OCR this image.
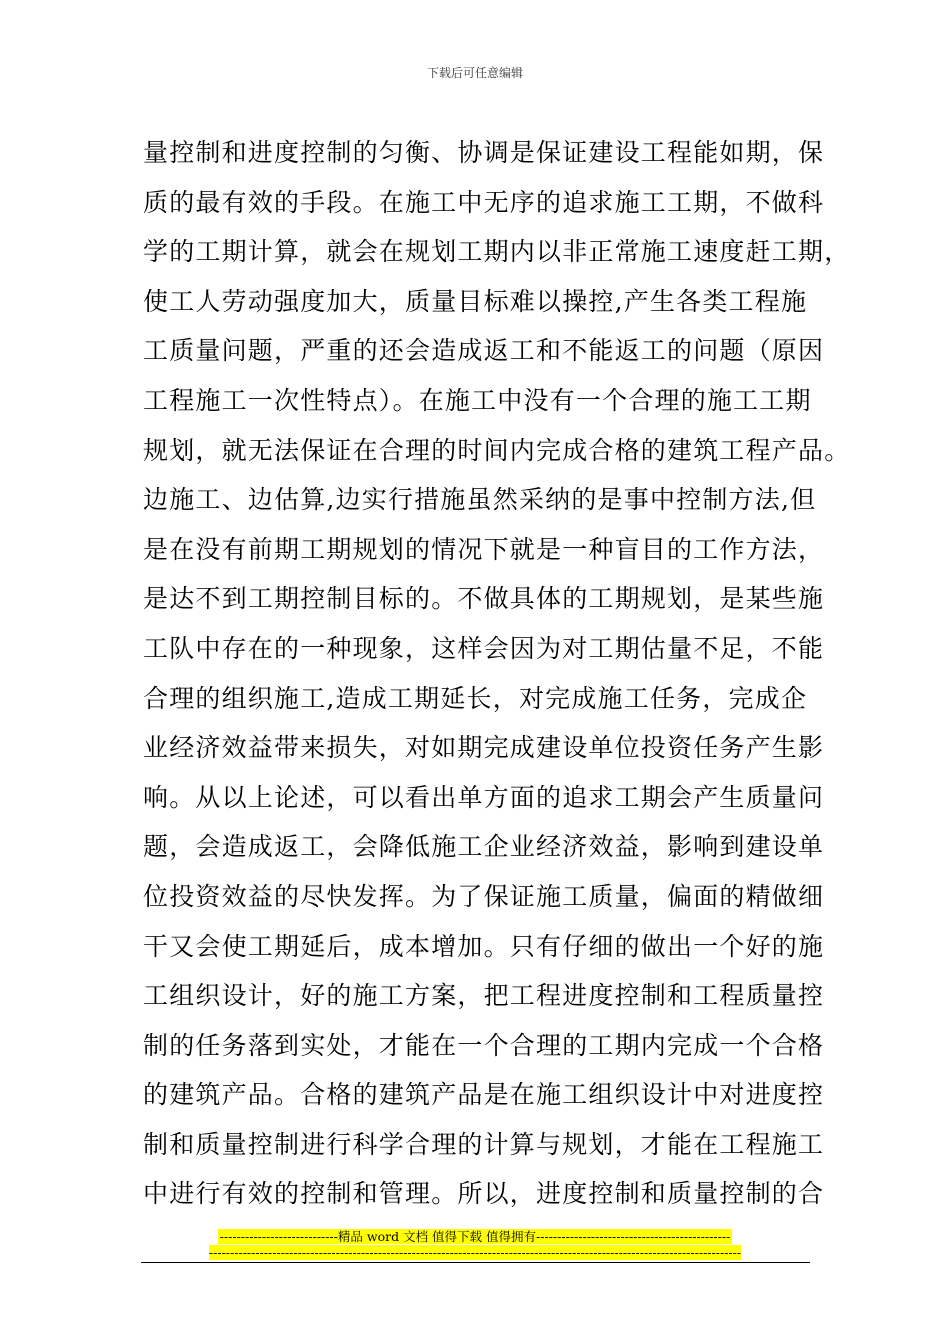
下载后可任意编辑
量控制和进度控制的匀衡、协调是保证建设工程能如期，保
质的最有效的手段。在施工中无序的追求施工工期，不做科
学的工期计算，就会在规划工期内以非正常施工速度赶工期，
使工人劳动强度加大，质量目标难以操控,产生各类工程施
工质量问题，严重的还会造成返工和不能返工的问题（原因
工程施工一次性特点）。在施工中没有一个合理的施工工期
规划，就无法保证在合理的时间内完成合格的建筑工程产品。
边施工、边估算,边实行措施虽然采纳的是事中控制方法,但
是在没有前期工期规划的情况下就是一种盲目的工作方法，
是达不到工期控制目标的。不做具体的工期规划，是某些施
工队中存在的一种现象，这样会因为对工期估量不足，不能
合理的组织施工,造成工期延长，对完成施工任务，完成企
业经济效益带来损失，对如期完成建设单位投资任务产生影
响。从以上论述，可以看出单方面的追求工期会产生质量问
题，会造成返工，会降低施工企业经济效益，影响到建设单
位投资效益的尽快发挥。为了保证施工质量，偏面的精做细
干又会使工期延后，成本增加。只有仔细的做出一个好的施
工组织设计，好的施工方案，把工程进度控制和工程质量控
制的任务落到实处，才能在一个合理的工期内完成一个合格
的建筑产品。合格的建筑产品是在施工组织设计中对进度控
制和质量控制进行科学合理的计算与规划，才能在工程施工
中进行有效的控制和管理。所以，进度控制和质量控制的合
----------------------------精品 word 文档 值得下载 值得拥有----------------------------------------------
------------------------------------------------------------------------------------------------------------------------------
